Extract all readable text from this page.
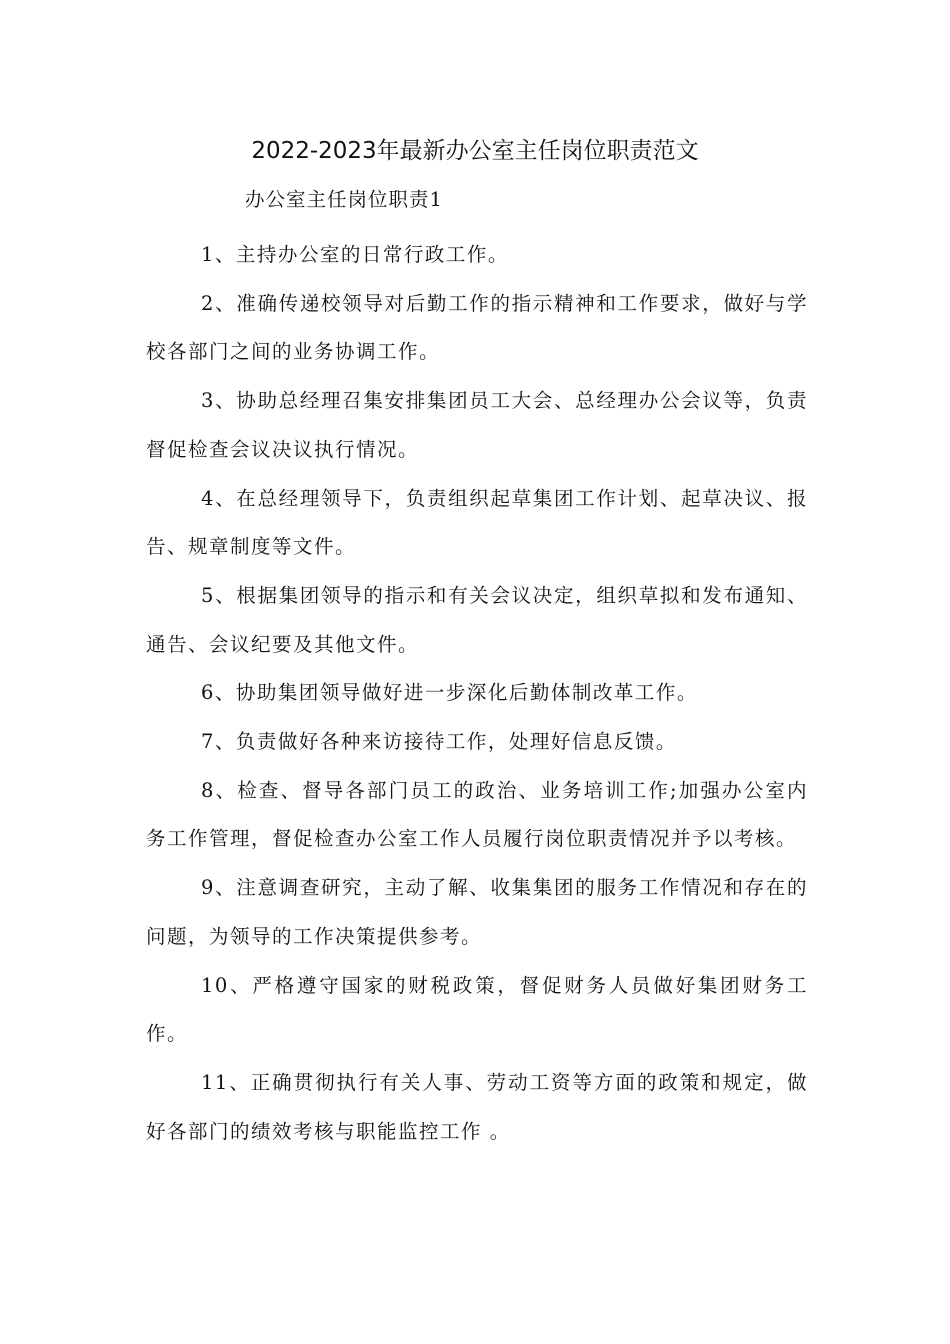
2022-2023年最新办公室主任岗位职责范文
办公室主任岗位职责1

1、主持办公室的日常行政工作。

2、准确传递校领导对后勤工作的指示精神和工作要求，做好与学校各部门之间的业务协调工作。

3、协助总经理召集安排集团员工大会、总经理办公会议等，负责督促检查会议决议执行情况。

4、在总经理领导下，负责组织起草集团工作计划、起草决议、报告、规章制度等文件。

5、根据集团领导的指示和有关会议决定，组织草拟和发布通知、通告、会议纪要及其他文件。

6、协助集团领导做好进一步深化后勤体制改革工作。

7、负责做好各种来访接待工作，处理好信息反馈。

8、检查、督导各部门员工的政治、业务培训工作;加强办公室内务工作管理，督促检查办公室工作人员履行岗位职责情况并予以考核。

9、注意调查研究，主动了解、收集集团的服务工作情况和存在的问题，为领导的工作决策提供参考。

10、严格遵守国家的财税政策，督促财务人员做好集团财务工作。

11、正确贯彻执行有关人事、劳动工资等方面的政策和规定，做好各部门的绩效考核与职能监控工作 。
